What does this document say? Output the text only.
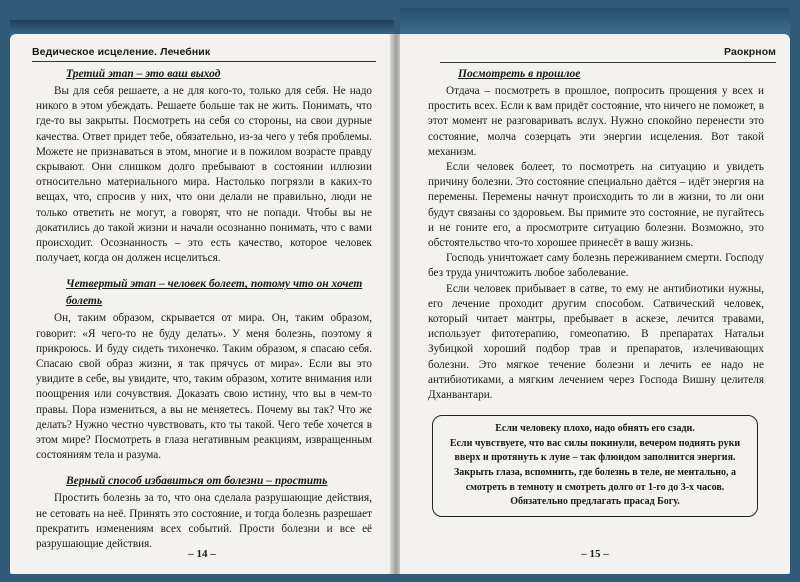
Ведическое исцеление. Лечебник
Третий этап – это ваш выход

Вы для себя решаете, а не для кого-то, только для себя. Не надо никого в этом убеждать. Решаете больше так не жить. Понимать, что где-то вы закрыты. Посмотреть на себя со стороны, на свои дурные качества. Ответ придет тебе, обязательно, из-за чего у тебя проблемы. Можете не признаваться в этом, многие и в пожилом возрасте правду скрывают. Они слишком долго пребывают в состоянии иллюзии относительно материального мира. Настолько погрязли в каких-то вещах, что, спросив у них, что они делали не правильно, люди не только ответить не могут, а говорят, что не попади. Чтобы вы не докатились до такой жизни и начали осознанно понимать, что с вами происходит. Осознанность – это есть качество, которое человек получает, когда он должен исцелиться.

Четвертый этап – человек болеет, потому что он хочет болеть

Он, таким образом, скрывается от мира. Он, таким образом, говорит: «Я чего-то не буду делать». У меня болезнь, поэтому я прикроюсь. И буду сидеть тихонечко. Таким образом, я спасаю себя. Спасаю свой образ жизни, я так прячусь от мира». Если вы это увидите в себе, вы увидите, что, таким образом, хотите внимания или поощрения или сочувствия. Доказать свою истину, что вы в чем-то правы. Пора измениться, а вы не меняетесь. Почему вы так? Что же делать? Нужно честно чувствовать, кто ты такой. Чего тебе хочется в этом мире? Посмотреть в глаза негативным реакциям, извращенным состояниям тела и разума.

Верный способ избавиться от болезни – простить

Простить болезнь за то, что она сделала разрушающие действия, не сетовать на неё. Принять это состояние, и тогда болезнь разрешает прекратить изменениям всех событий. Прости болезни и все её разрушающие действия.

– 14 –
Раокрном
Посмотреть в прошлое

Отдача – посмотреть в прошлое, попросить прощения у всех и простить всех. Если к вам придёт состояние, что ничего не поможет, в этот момент не разговаривать вслух. Нужно спокойно перенести это состояние, молча созерцать эти энергии исцеления. Вот такой механизм.

Если человек болеет, то посмотреть на ситуацию и увидеть причину болезни. Это состояние специально даётся – идёт энергия на перемены. Перемены начнут происходить то ли в жизни, то ли они будут связаны со здоровьем. Вы примите это состояние, не пугайтесь и не гоните его, а просмотрите ситуацию болезни. Возможно, это обстоятельство что-то хорошее принесёт в вашу жизнь.

Господь уничтожает саму болезнь переживанием смерти. Господу без труда уничтожить любое заболевание.

Если человек прибывает в сатве, то ему не антибиотики нужны, его лечение проходит другим способом. Сатвический человек, который читает мантры, пребывает в аскезе, лечится травами, использует фитотерапию, гомеопатию. В препаратах Натальи Зубицкой хороший подбор трав и препаратов, излечивающих болезни. Это мягкое течение болезни и лечить ее надо не антибиотиками, а мягким лечением через Господа Вишну целителя Дханвантари.

Если человеку плохо, надо обнять его сзади.
Если чувствуете, что вас силы покинули, вечером поднять руки вверх и протянуть к луне – так флюидом заполнится энергия.
Закрыть глаза, вспомнить, где болезнь в теле, не ментально, а смотреть в темноту и смотреть долго от 1-го до 3-х часов.
Обязательно предлагать прасад Богу.
– 15 –
